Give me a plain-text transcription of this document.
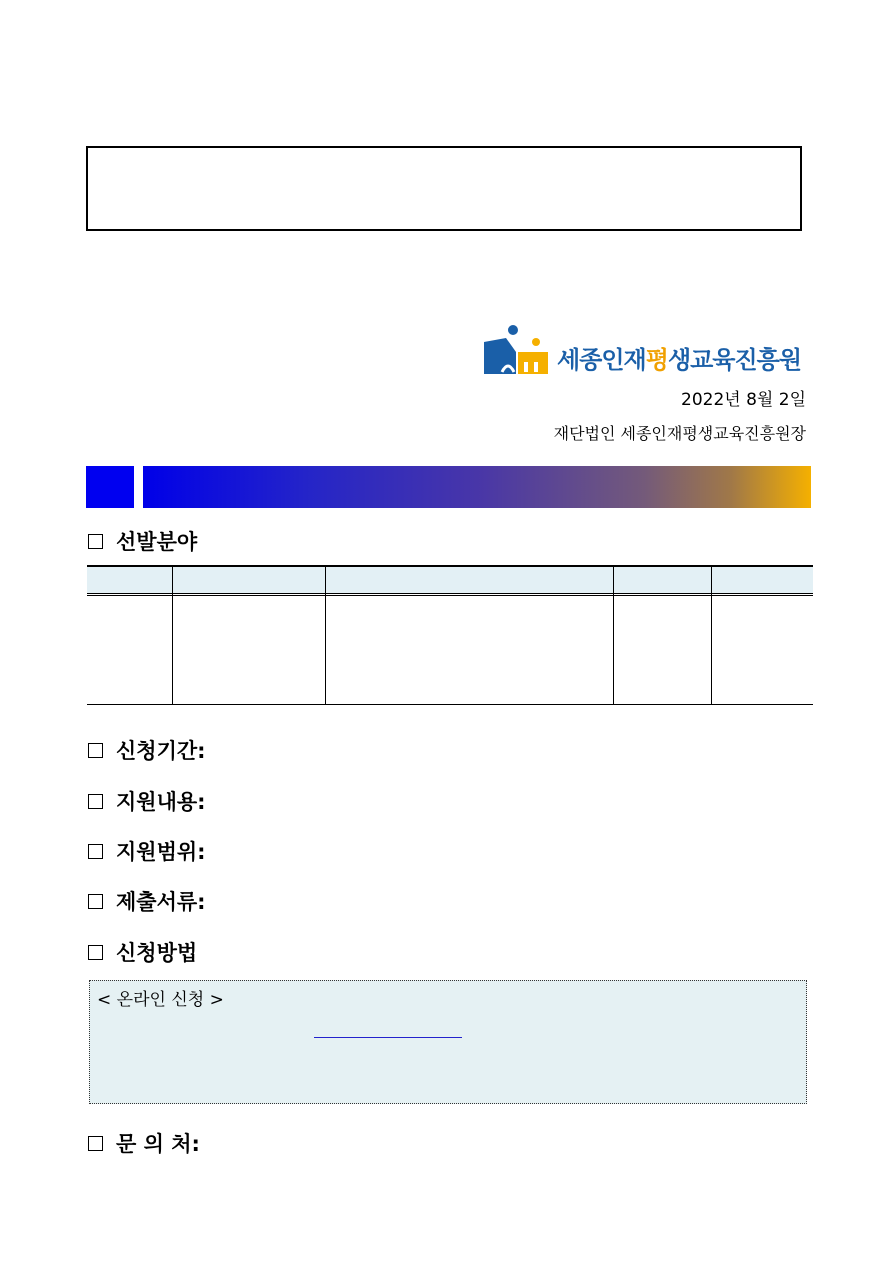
세종인재평생교육진흥원
2022년 8월 2일
재단법인 세종인재평생교육진흥원장
선발분야
신청기간:
지원내용:
지원범위:
제출서류:
신청방법
< 온라인 신청 >
문 의 처:
